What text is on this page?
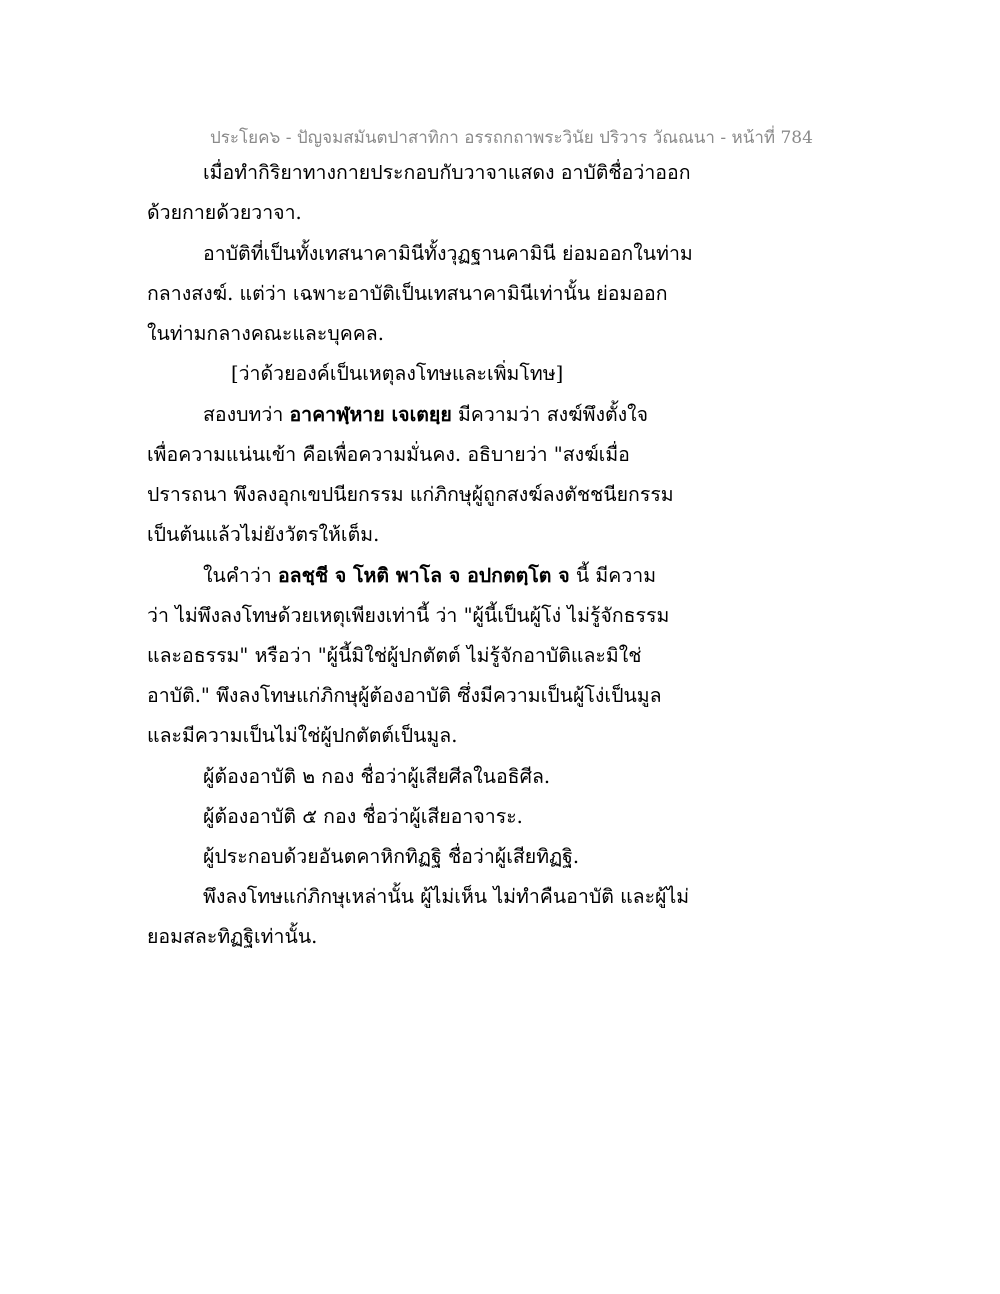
ประโยค๖ - ปัญจมสมันตปาสาทิกา อรรถกถาพระวินัย ปริวาร วัณณนา - หน้าที่ 784
เมื่อทำกิริยาทางกายประกอบกับวาจาแสดง อาบัติชื่อว่าออก
ด้วยกายด้วยวาจา.
อาบัติที่เป็นทั้งเทสนาคามินีทั้งวุฏฐานคามินี ย่อมออกในท่าม
กลางสงฆ์. แต่ว่า เฉพาะอาบัติเป็นเทสนาคามินีเท่านั้น ย่อมออก
ในท่ามกลางคณะและบุคคล.
[ว่าด้วยองค์เป็นเหตุลงโทษและเพิ่มโทษ]
สองบทว่า อาคาฬฺหาย เจเตยฺย มีความว่า สงฆ์พึงตั้งใจ
เพื่อความแน่นเข้า คือเพื่อความมั่นคง. อธิบายว่า "สงฆ์เมื่อ
ปรารถนา พึงลงอุกเขปนียกรรม แก่ภิกษุผู้ถูกสงฆ์ลงตัชชนียกรรม
เป็นต้นแล้วไม่ยังวัตรให้เต็ม.
ในคำว่า อลชฺชี จ โหติ พาโล จ อปกตตฺโต จ นี้ มีความ
ว่า ไม่พึงลงโทษด้วยเหตุเพียงเท่านี้ ว่า "ผู้นี้เป็นผู้โง่ ไม่รู้จักธรรม
และอธรรม" หรือว่า "ผู้นี้มิใช่ผู้ปกตัตต์ ไม่รู้จักอาบัติและมิใช่
อาบัติ." พึงลงโทษแก่ภิกษุผู้ต้องอาบัติ ซึ่งมีความเป็นผู้โง่เป็นมูล
และมีความเป็นไม่ใช่ผู้ปกตัตต์เป็นมูล.
ผู้ต้องอาบัติ ๒ กอง ชื่อว่าผู้เสียศีลในอธิศีล.
ผู้ต้องอาบัติ ๕ กอง ชื่อว่าผู้เสียอาจาระ.
ผู้ประกอบด้วยอันตคาหิกทิฏฐิ ชื่อว่าผู้เสียทิฏฐิ.
พึงลงโทษแก่ภิกษุเหล่านั้น ผู้ไม่เห็น ไม่ทำคืนอาบัติ และผู้ไม่
ยอมสละทิฏฐิเท่านั้น.
